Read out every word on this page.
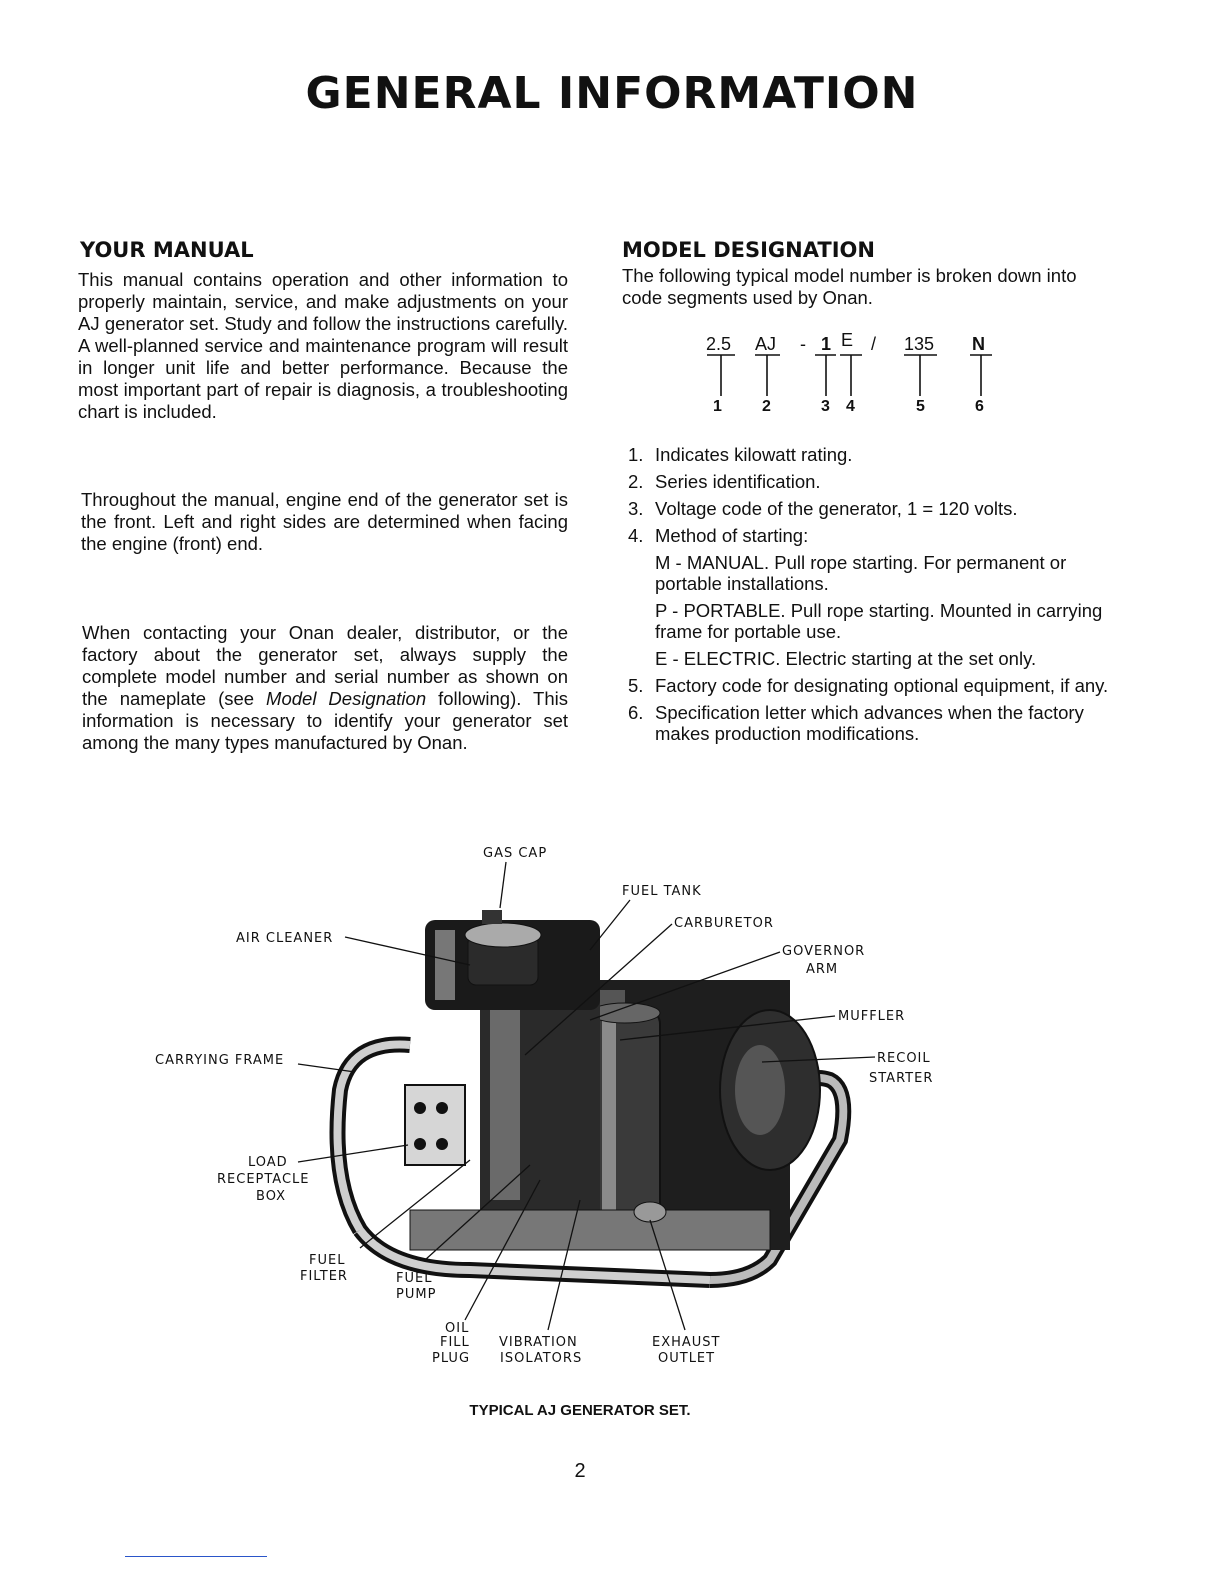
GENERAL INFORMATION
YOUR MANUAL
This manual contains operation and other information to properly maintain, service, and make adjustments on your AJ generator set. Study and follow the instructions carefully. A well-planned service and maintenance program will result in longer unit life and better performance. Because the most important part of repair is diagnosis, a troubleshooting chart is included.
Throughout the manual, engine end of the generator set is the front. Left and right sides are determined when facing the engine (front) end.
When contacting your Onan dealer, distributor, or the factory about the generator set, always supply the complete model number and serial number as shown on the nameplate (see Model Designation following). This information is necessary to identify your generator set among the many types manufactured by Onan.
MODEL DESIGNATION
The following typical model number is broken down into code segments used by Onan.
2.5 AJ - 1 E / 135 N
1	2	3 4	5	6
1. Indicates kilowatt rating.
2. Series identification.
3. Voltage code of the generator, 1 = 120 volts.
4. Method of starting:
M - MANUAL. Pull rope starting. For permanent or portable installations.
P - PORTABLE. Pull rope starting. Mounted in carrying frame for portable use.
E - ELECTRIC. Electric starting at the set only.
5. Factory code for designating optional equipment, if any.
6. Specification letter which advances when the factory makes production modifications.
GAS CAP
FUEL TANK
CARBURETOR
GOVERNOR
ARM
AIR CLEANER
MUFFLER
CARRYING FRAME	RECOIL
STARTER
LOAD
RECEPTACLE
BOX
FUEL
FILTER	FUEL
PUMP
OIL
FILL
PLUG
VIBRATION
ISOLATORS
EXHAUST
OUTLET
TYPICAL AJ GENERATOR SET.
2
